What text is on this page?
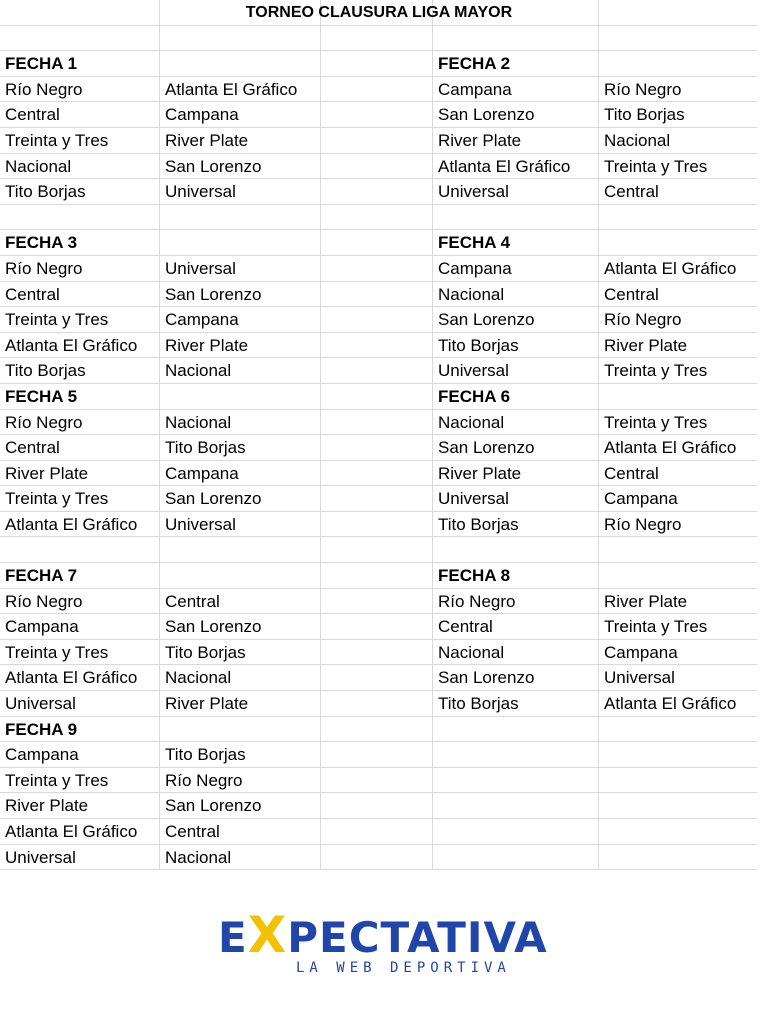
TORNEO CLAUSURA LIGA MAYOR
FECHA 1	FECHA 2
Río Negro	Atlanta El Gráfico	Campana	Río Negro
Central	Campana	San Lorenzo	Tito Borjas
Treinta y Tres	River Plate	River Plate	Nacional
Nacional	San Lorenzo	Atlanta El Gráfico	Treinta y Tres
Tito Borjas	Universal	Universal	Central
FECHA 3	FECHA 4
Río Negro	Universal	Campana	Atlanta El Gráfico
Central	San Lorenzo	Nacional	Central
Treinta y Tres	Campana	San Lorenzo	Río Negro
Atlanta El Gráfico	River Plate	Tito Borjas	River Plate
Tito Borjas	Nacional	Universal	Treinta y Tres
FECHA 5	FECHA 6
Río Negro	Nacional	Nacional	Treinta y Tres
Central	Tito Borjas	San Lorenzo	Atlanta El Gráfico
River Plate	Campana	River Plate	Central
Treinta y Tres	San Lorenzo	Universal	Campana
Atlanta El Gráfico	Universal	Tito Borjas	Río Negro
FECHA 7	FECHA 8
Río Negro	Central	Río Negro	River Plate
Campana	San Lorenzo	Central	Treinta y Tres
Treinta y Tres	Tito Borjas	Nacional	Campana
Atlanta El Gráfico	Nacional	San Lorenzo	Universal
Universal	River Plate	Tito Borjas	Atlanta El Gráfico
FECHA 9
Campana	Tito Borjas
Treinta y Tres	Río Negro
River Plate	San Lorenzo
Atlanta El Gráfico	Central
Universal	Nacional
EXPECTATIVA
LA WEB DEPORTIVA
